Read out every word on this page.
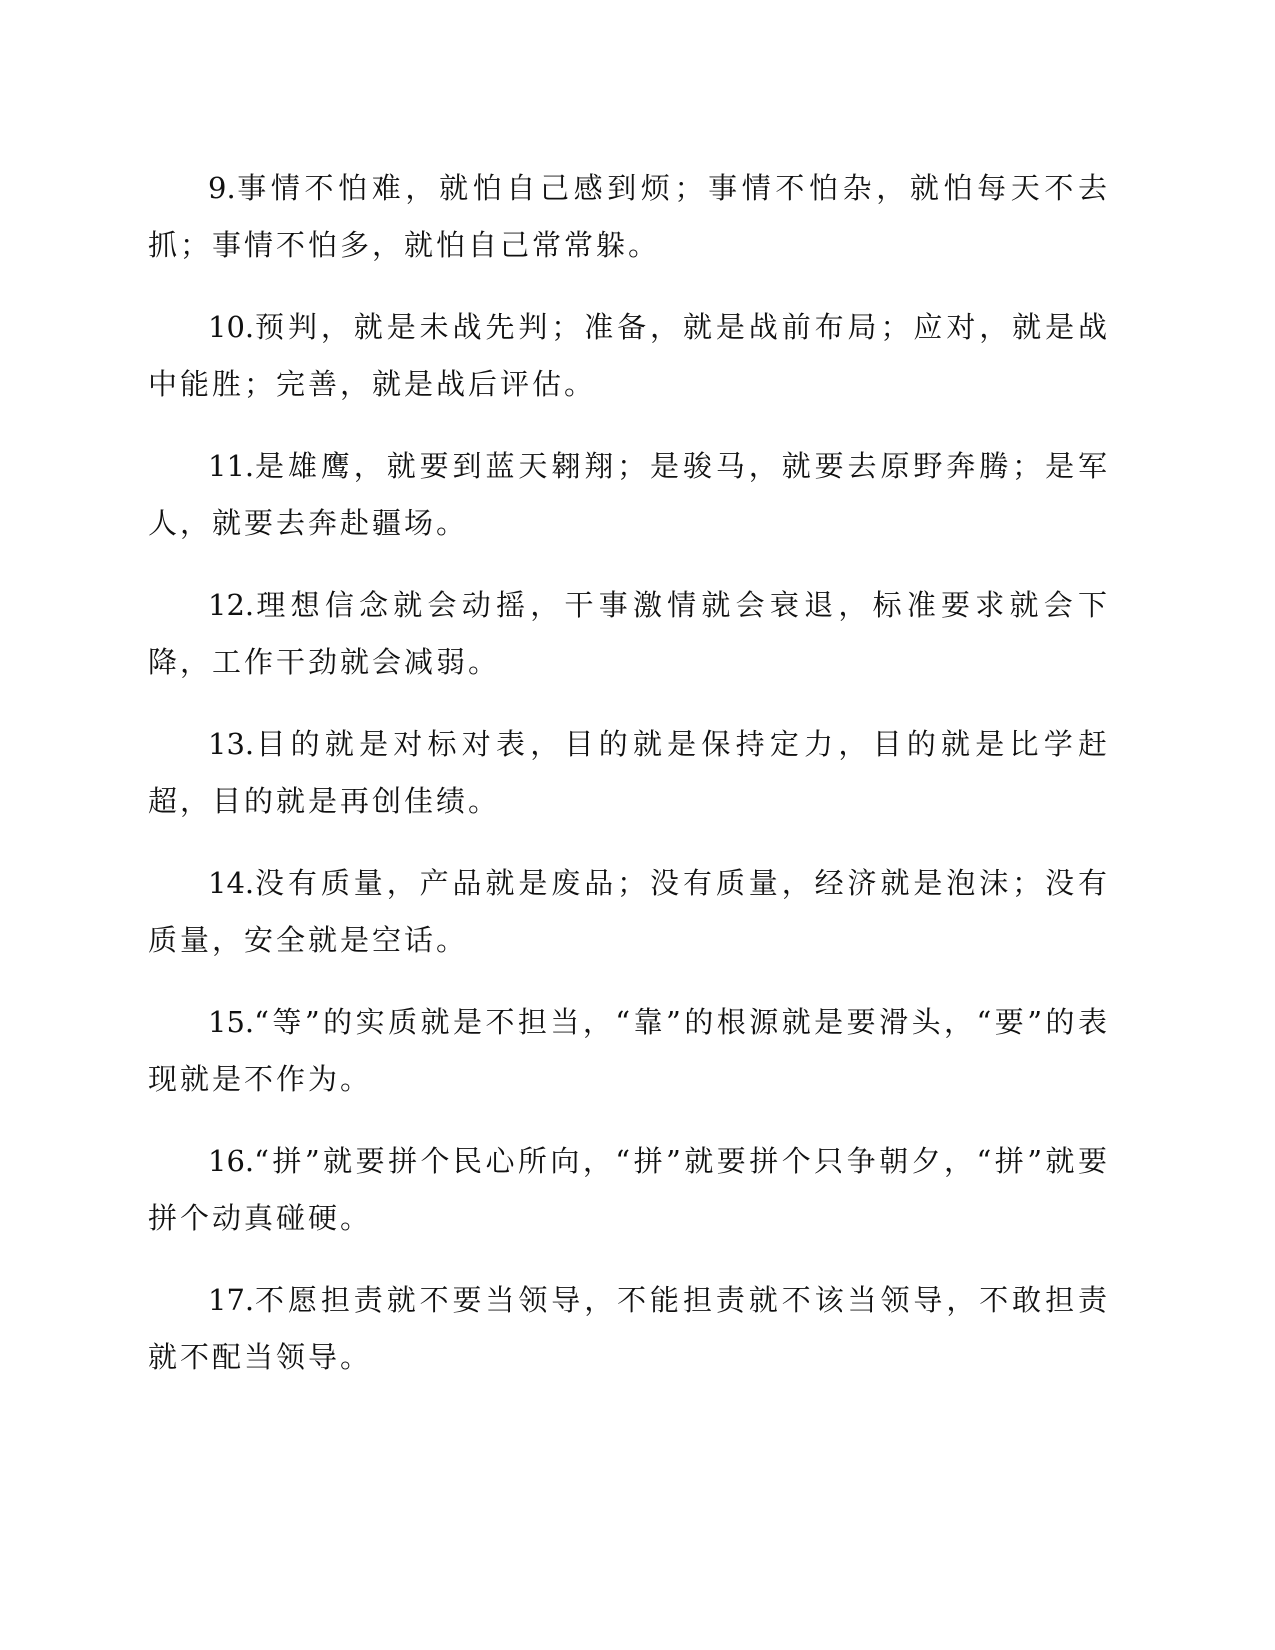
9.事情不怕难，就怕自己感到烦；事情不怕杂，就怕每天不去抓；事情不怕多，就怕自己常常躲。

10.预判，就是未战先判；准备，就是战前布局；应对，就是战中能胜；完善，就是战后评估。

11.是雄鹰，就要到蓝天翱翔；是骏马，就要去原野奔腾；是军人，就要去奔赴疆场。

12.理想信念就会动摇，干事激情就会衰退，标准要求就会下降，工作干劲就会减弱。

13.目的就是对标对表，目的就是保持定力，目的就是比学赶超，目的就是再创佳绩。

14.没有质量，产品就是废品；没有质量，经济就是泡沫；没有质量，安全就是空话。

15.“等”的实质就是不担当，“靠”的根源就是要滑头，“要”的表现就是不作为。

16.“拼”就要拼个民心所向，“拼”就要拼个只争朝夕，“拼”就要拼个动真碰硬。

17.不愿担责就不要当领导，不能担责就不该当领导，不敢担责就不配当领导。
